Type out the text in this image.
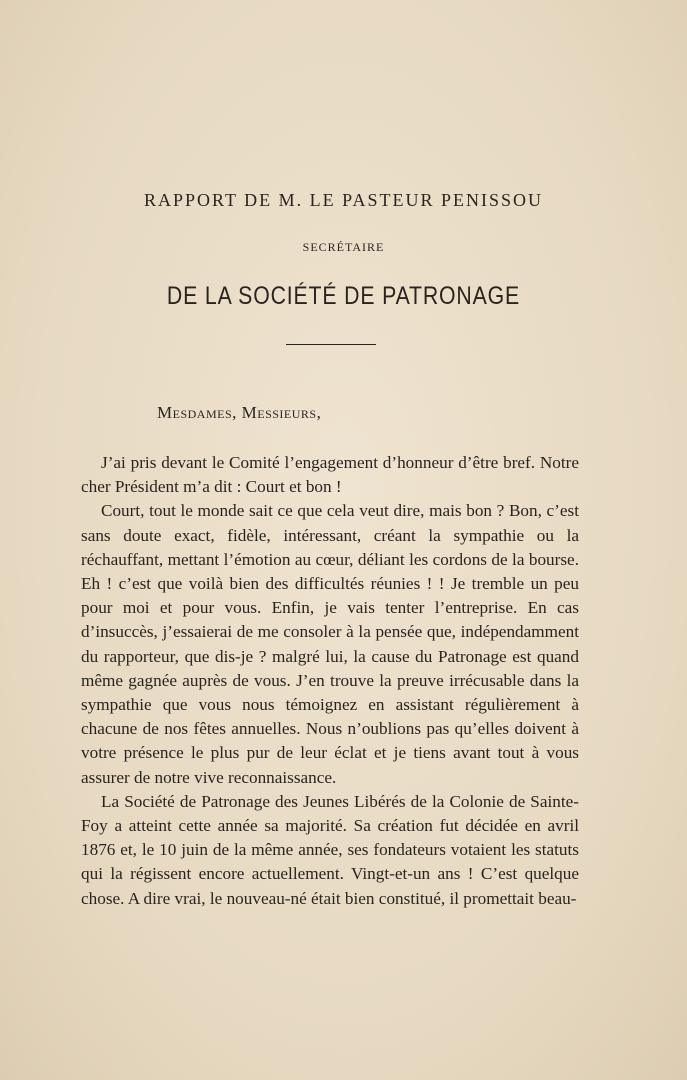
RAPPORT DE M. LE PASTEUR PENISSOU
SECRÉTAIRE
DE LA SOCIÉTÉ DE PATRONAGE
Mesdames, Messieurs,

J’ai pris devant le Comité l’engagement d’honneur d’être bref. Notre cher Président m’a dit : Court et bon !

Court, tout le monde sait ce que cela veut dire, mais bon ? Bon, c’est sans doute exact, fidèle, intéressant, créant la sympathie ou la réchauffant, mettant l’émotion au cœur, déliant les cordons de la bourse. Eh ! c’est que voilà bien des difficultés réunies ! ! Je tremble un peu pour moi et pour vous. Enfin, je vais tenter l’entreprise. En cas d’insuccès, j’essaierai de me consoler à la pensée que, indépendamment du rapporteur, que dis-je ? malgré lui, la cause du Patronage est quand même gagnée auprès de vous. J’en trouve la preuve irrécusable dans la sympathie que vous nous témoignez en assistant régulièrement à chacune de nos fêtes annuelles. Nous n’oublions pas qu’elles doivent à votre présence le plus pur de leur éclat et je tiens avant tout à vous assurer de notre vive reconnaissance.

La Société de Patronage des Jeunes Libérés de la Colonie de Sainte-Foy a atteint cette année sa majorité. Sa création fut décidée en avril 1876 et, le 10 juin de la même année, ses fondateurs votaient les statuts qui la régissent encore actuellement. Vingt-et-un ans ! C’est quelque chose. A dire vrai, le nouveau-né était bien constitué, il promettait beau-
